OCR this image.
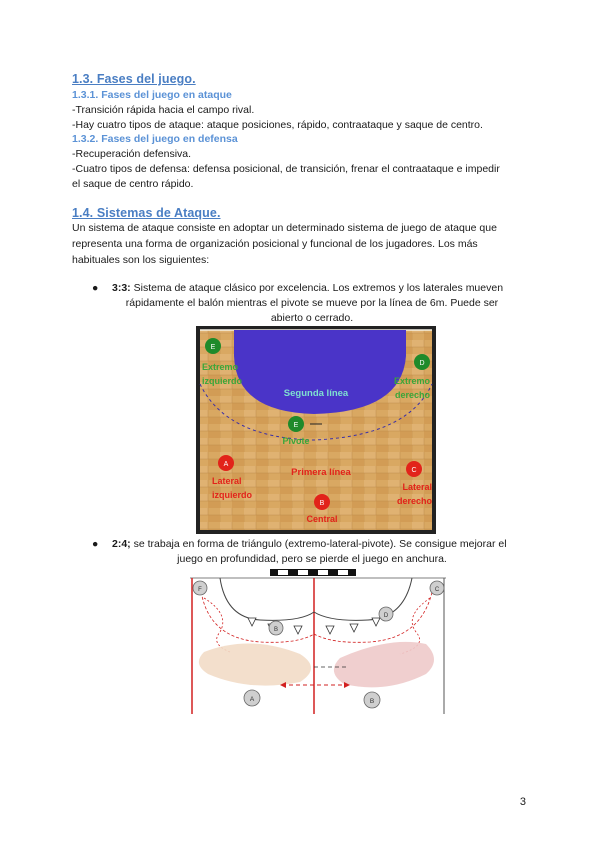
1.3. Fases del juego.
1.3.1. Fases del juego en ataque

-Transición rápida hacia el campo rival.

-Hay cuatro tipos de ataque: ataque posiciones, rápido, contraataque y saque de centro.

1.3.2. Fases del juego en defensa

-Recuperación defensiva.

-Cuatro tipos de defensa: defensa posicional, de transición, frenar el contraataque e impedir

el saque de centro rápido.

1.4. Sistemas de Ataque.

Un sistema de ataque consiste en adoptar un determinado sistema de juego de ataque que

representa una forma de organización posicional y funcional de los jugadores. Los más

habituales son los siguientes:

●	3:3: Sistema de ataque clásico por excelencia. Los extremos y los laterales mueven
rápidamente el balón mientras el pivote se mueve por la línea de 6m. Puede ser
abierto o cerrado.
Segunda línea
E
Extremo
izquierdo
D
Extremo
derecho
E
Pivote
Primera línea
A
Lateral
izquierdo
C
Lateral
derecho
B
Central
●	2:4; se trabaja en forma de triángulo (extremo-lateral-pivote). Se consigue mejorar el
juego en profundidad, pero se pierde el juego en anchura.
F	C
D
B
A	B
3
